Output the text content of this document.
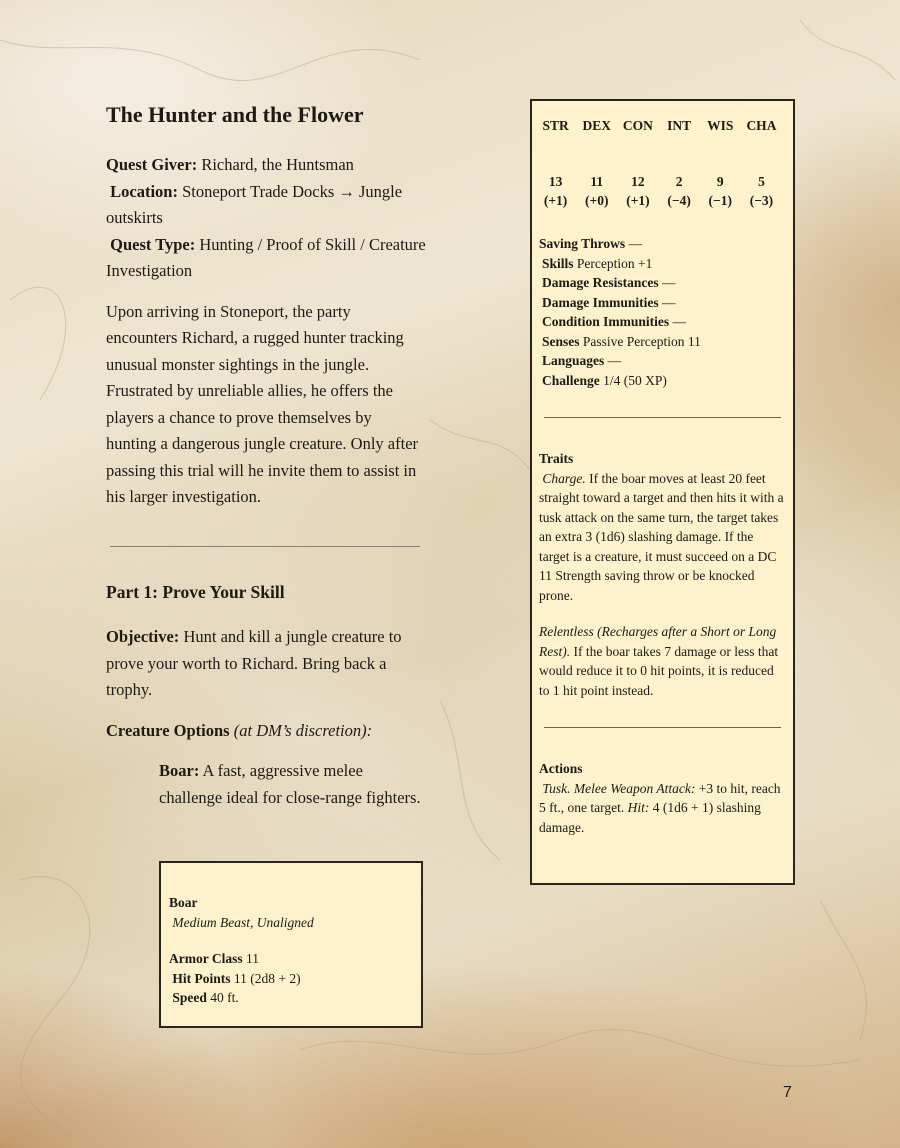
The Hunter and the Flower

Quest Giver: Richard, the Huntsman

Location: Stoneport Trade Docks → Jungle outskirts

Quest Type: Hunting / Proof of Skill / Creature Investigation

Upon arriving in Stoneport, the party encounters Richard, a rugged hunter tracking unusual monster sightings in the jungle. Frustrated by unreliable allies, he offers the players a chance to prove themselves by hunting a dangerous jungle creature. Only after passing this trial will he invite them to assist in his larger investigation.

Part 1: Prove Your Skill

Objective: Hunt and kill a jungle creature to prove your worth to Richard. Bring back a trophy.

Creature Options (at DM’s discretion):

Boar: A fast, aggressive melee challenge ideal for close-range fighters.

Boar
Medium Beast, Unaligned
Armor Class 11
Hit Points 11 (2d8 + 2)
Speed 40 ft.
STR
13
(+1)
DEX
11
(+0)
CON
12
(+1)
INT
2
(−4)
WIS
9
(−1)
CHA
5
(−3)
Saving Throws —
Skills Perception +1
Damage Resistances —
Damage Immunities —
Condition Immunities —
Senses Passive Perception 11
Languages —
Challenge 1/4 (50 XP)
Traits
Charge. If the boar moves at least 20 feet straight toward a target and then hits it with a tusk attack on the same turn, the target takes an extra 3 (1d6) slashing damage. If the target is a creature, it must succeed on a DC 11 Strength saving throw or be knocked prone.
Relentless (Recharges after a Short or Long Rest). If the boar takes 7 damage or less that would reduce it to 0 hit points, it is reduced to 1 hit point instead.
Actions
Tusk. Melee Weapon Attack: +3 to hit, reach 5 ft., one target. Hit: 4 (1d6 + 1) slashing damage.
7
